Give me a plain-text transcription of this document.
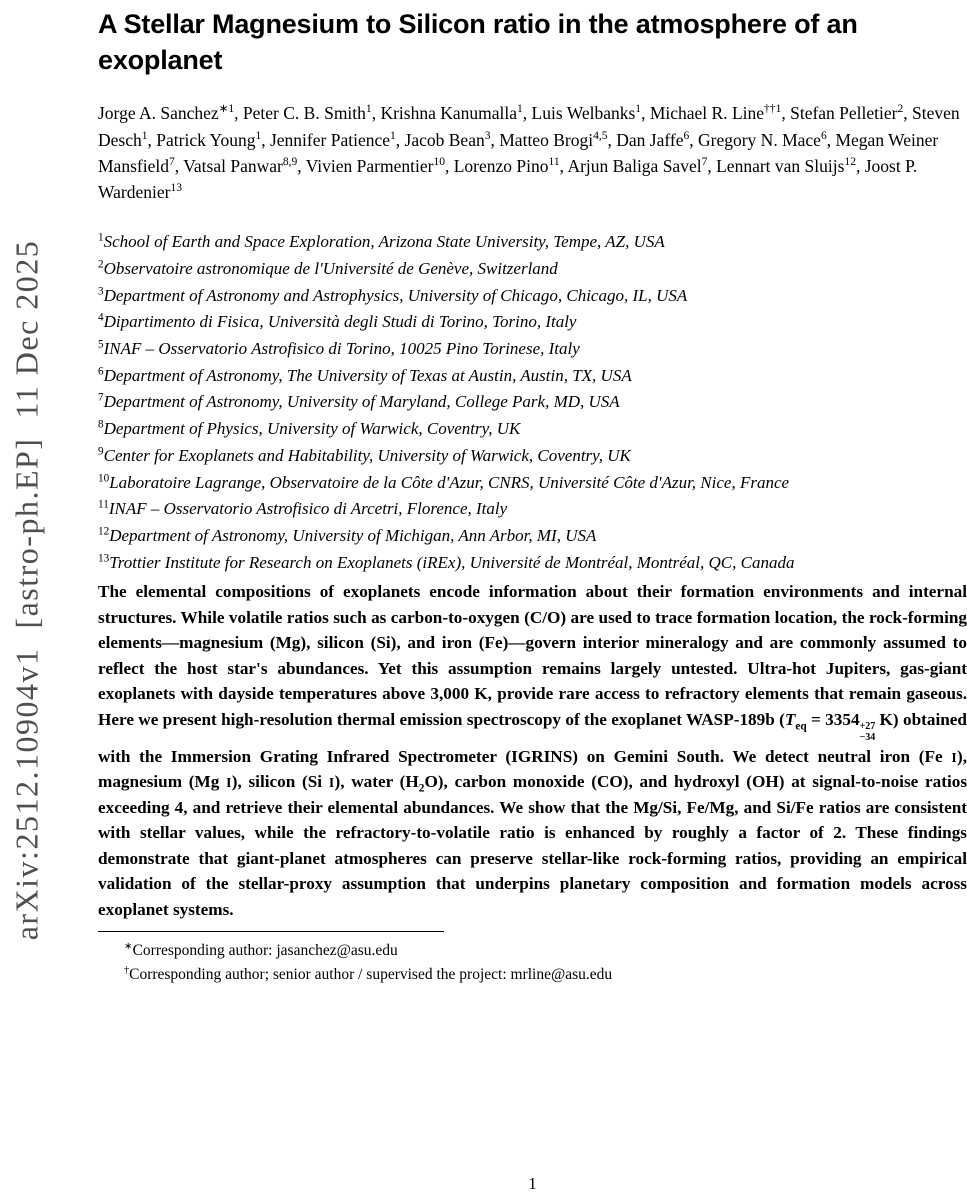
arXiv:2512.10904v1  [astro-ph.EP]  11 Dec 2025
A Stellar Magnesium to Silicon ratio in the atmosphere of an exoplanet

Jorge A. Sanchez$^{∗1}$, Peter C. B. Smith$^1$, Krishna Kanumalla$^1$, Luis Welbanks$^1$, Michael R. Line$^{\dagger\dagger 1}$, Stefan Pelletier$^2$, Steven Desch$^1$, Patrick Young$^1$, Jennifer Patience$^1$, Jacob Bean$^3$, Matteo Brogi$^{4,5}$, Dan Jaffe$^6$, Gregory N. Mace$^6$, Megan Weiner Mansfield$^7$, Vatsal Panwar$^{8,9}$, Vivien Parmentier$^{10}$, Lorenzo Pino$^{11}$, Arjun Baliga Savel$^7$, Lennart van Sluijs$^{12}$, Joost P. Wardenier$^{13}$

$^1$School of Earth and Space Exploration, Arizona State University, Tempe, AZ, USA
$^2$Observatoire astronomique de l'Université de Genève, Switzerland
$^3$Department of Astronomy and Astrophysics, University of Chicago, Chicago, IL, USA
$^4$Dipartimento di Fisica, Università degli Studi di Torino, Torino, Italy
$^5$INAF – Osservatorio Astrofisico di Torino, 10025 Pino Torinese, Italy
$^6$Department of Astronomy, The University of Texas at Austin, Austin, TX, USA
$^7$Department of Astronomy, University of Maryland, College Park, MD, USA
$^8$Department of Physics, University of Warwick, Coventry, UK
$^9$Center for Exoplanets and Habitability, University of Warwick, Coventry, UK
$^{10}$Laboratoire Lagrange, Observatoire de la Côte d'Azur, CNRS, Université Côte d'Azur, Nice, France
$^{11}$INAF – Osservatorio Astrofisico di Arcetri, Florence, Italy
$^{12}$Department of Astronomy, University of Michigan, Ann Arbor, MI, USA
$^{13}$Trottier Institute for Research on Exoplanets (iREx), Université de Montréal, Montréal, QC, Canada

The elemental compositions of exoplanets encode information about their formation environments and internal structures. While volatile ratios such as carbon-to-oxygen (C/O) are used to trace formation location, the rock-forming elements—magnesium (Mg), silicon (Si), and iron (Fe)—govern interior mineralogy and are commonly assumed to reflect the host star's abundances. Yet this assumption remains largely untested. Ultra-hot Jupiters, gas-giant exoplanets with dayside temperatures above 3,000 K, provide rare access to refractory elements that remain gaseous. Here we present high-resolution thermal emission spectroscopy of the exoplanet WASP-189b ($T_{eq} = 3354 +27$
−34
K) obtained with the Immersion Grating Infrared Spectrometer (IGRINS) on Gemini South. We detect neutral iron (Fe I), magnesium (Mg I), silicon (Si I), water $(H_2O)$, carbon monoxide (CO), and hydroxyl (OH) at signal-to-noise ratios exceeding 4, and retrieve their elemental abundances. We show that the Mg/Si, Fe/Mg, and Si/Fe ratios are consistent with stellar values, while the refractory-to-volatile ratio is enhanced by roughly a factor of 2. These findings demonstrate that giant-planet atmospheres can preserve stellar-like rock-forming ratios, providing an empirical validation of the stellar-proxy assumption that underpins planetary composition and formation models across exoplanet systems.

∗Corresponding author: jasanchez@asu.edu
†Corresponding author; senior author / supervised the project: mrline@asu.edu
1
